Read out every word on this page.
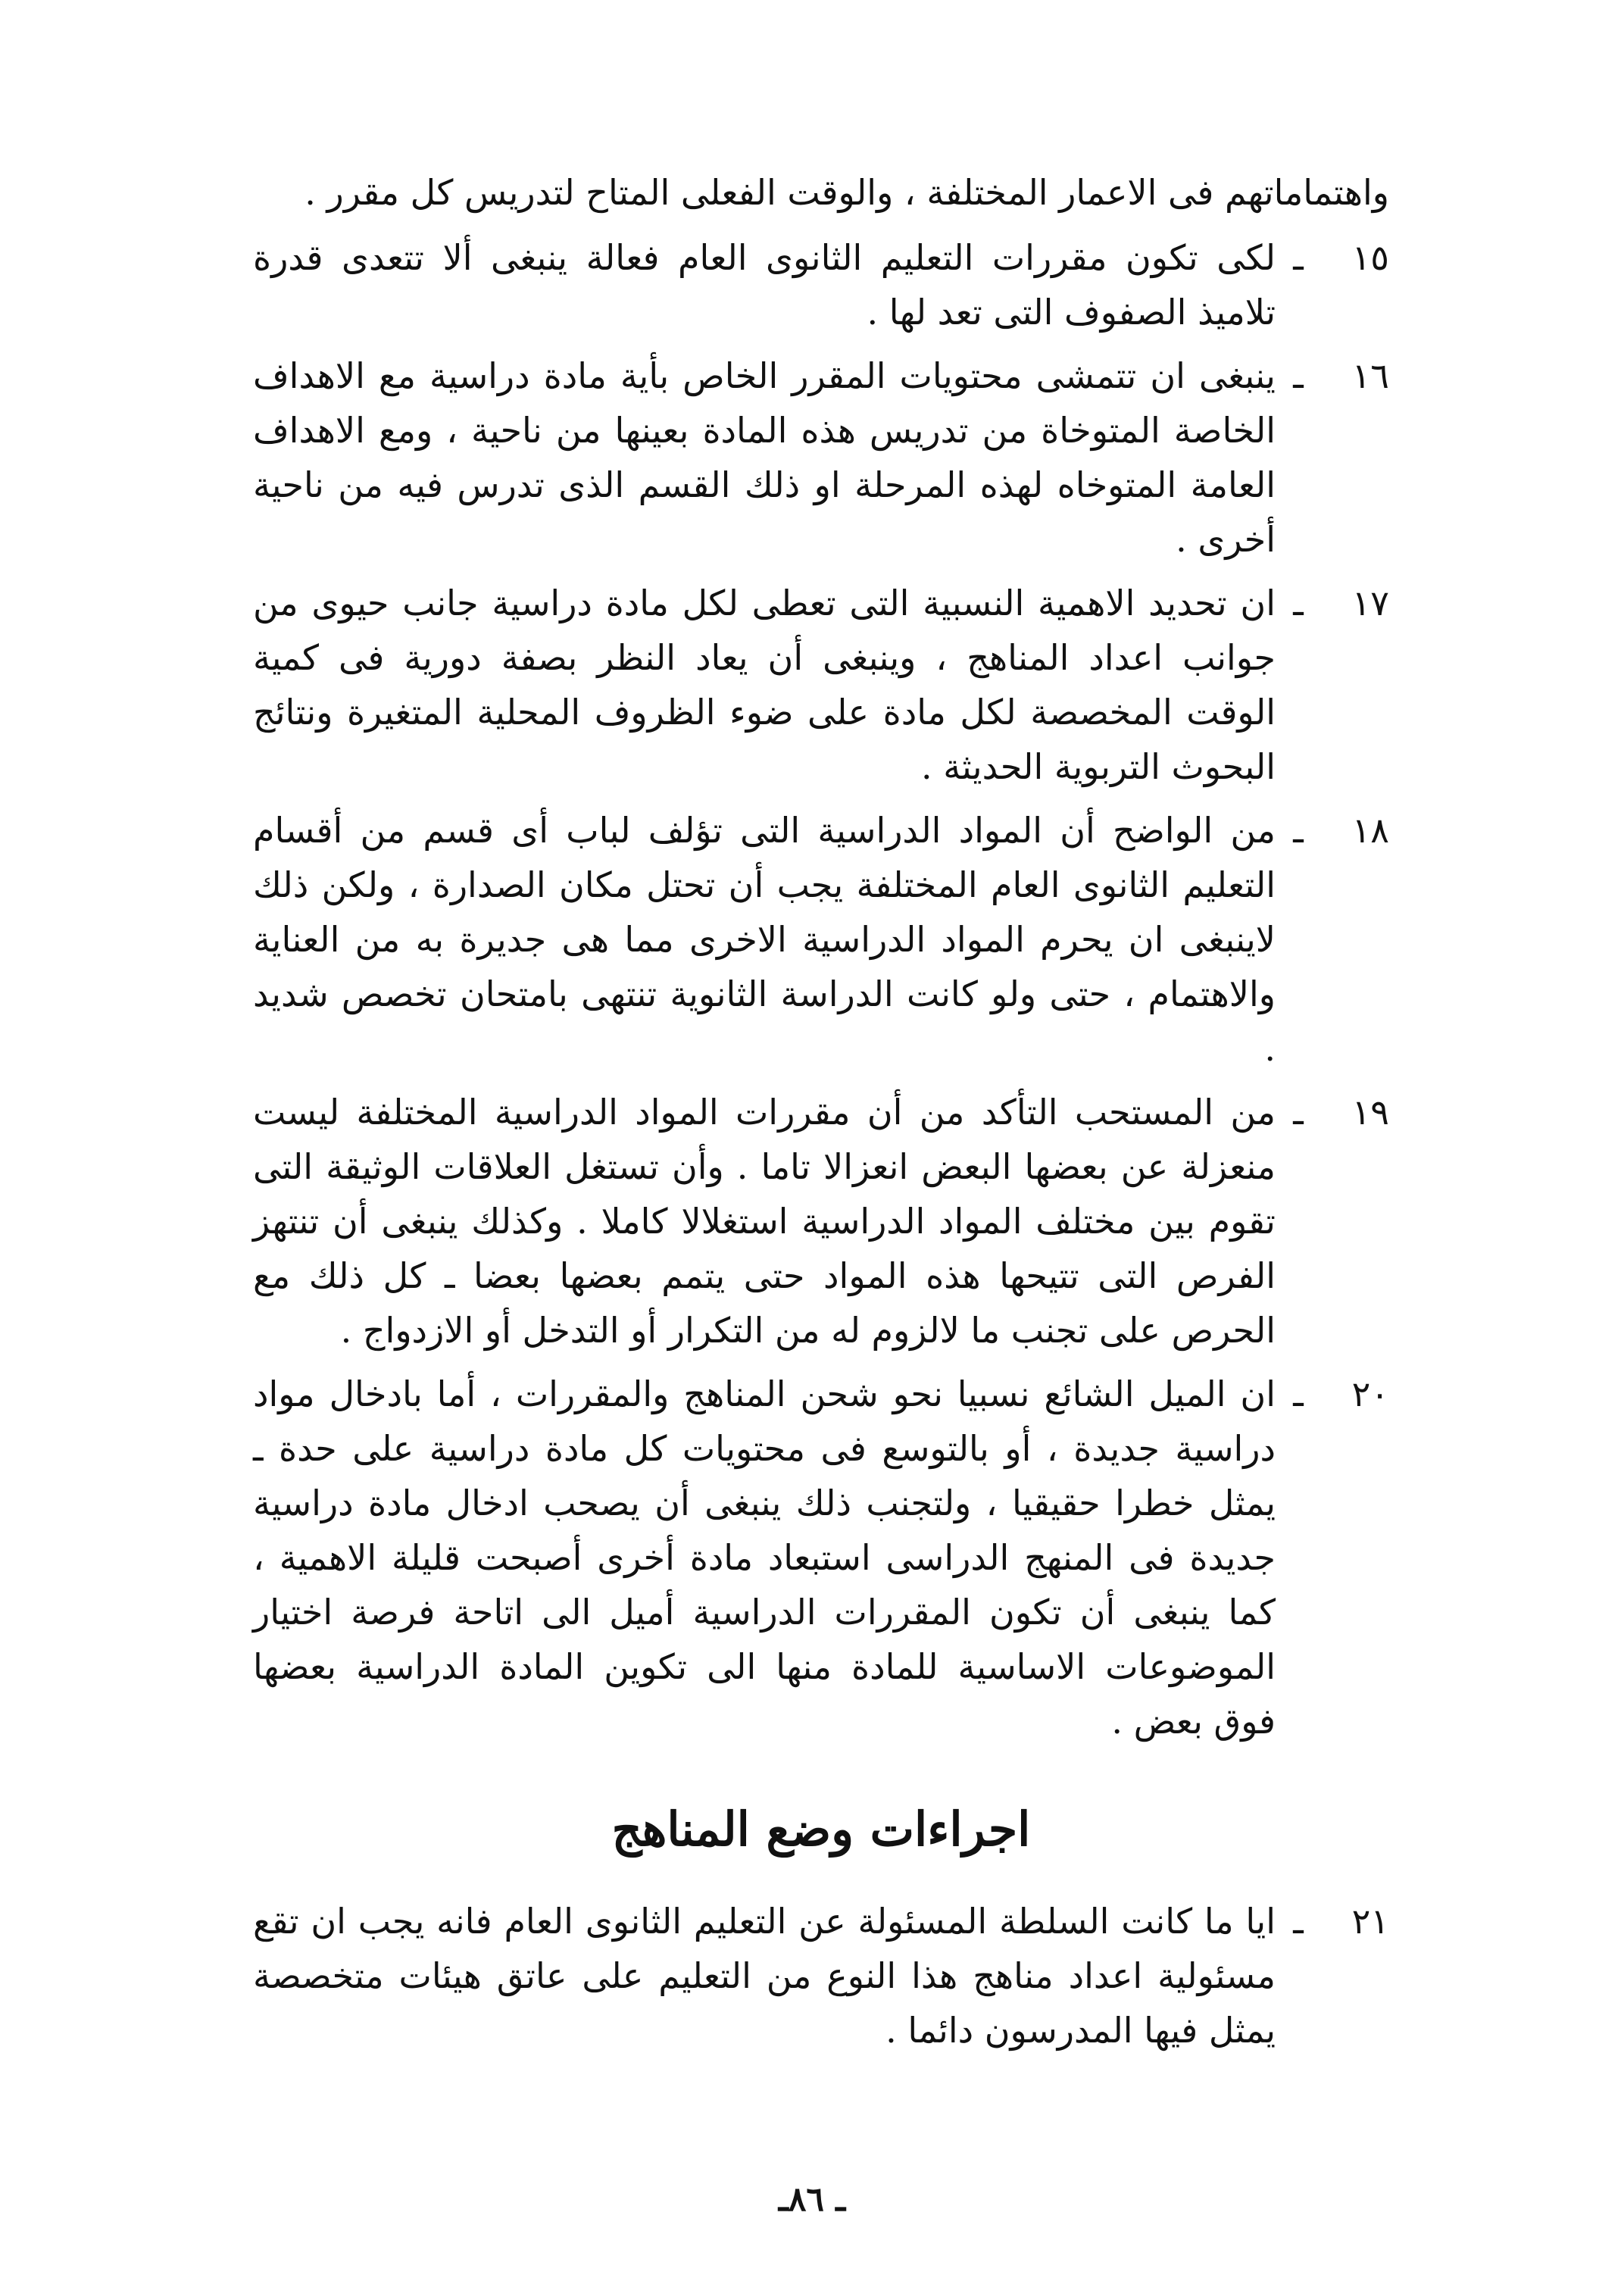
واهتماماتهم فى الاعمار المختلفة ، والوقت الفعلى المتاح لتدريس كل مقرر .

١٥
ـ
لكى تكون مقررات التعليم الثانوى العام فعالة ينبغى ألا تتعدى قدرة تلاميذ الصفوف التى تعد لها .
١٦
ـ
ينبغى ان تتمشى محتويات المقرر الخاص بأية مادة دراسية مع الاهداف الخاصة المتوخاة من تدريس هذه المادة بعينها من ناحية ، ومع الاهداف العامة المتوخاه لهذه المرحلة او ذلك القسم الذى تدرس فيه من ناحية أخرى .
١٧
ـ
ان تحديد الاهمية النسبية التى تعطى لكل مادة دراسية جانب حيوى من جوانب اعداد المناهج ، وينبغى أن يعاد النظر بصفة دورية فى كمية الوقت المخصصة لكل مادة على ضوء الظروف المحلية المتغيرة ونتائج البحوث التربوية الحديثة .
١٨
ـ
من الواضح أن المواد الدراسية التى تؤلف لباب أى قسم من أقسام التعليم الثانوى العام المختلفة يجب أن تحتل مكان الصدارة ، ولكن ذلك لاينبغى ان يحرم المواد الدراسية الاخرى مما هى جديرة به من العناية والاهتمام ، حتى ولو كانت الدراسة الثانوية تنتهى بامتحان تخصص شديد .
١٩
ـ
من المستحب التأكد من أن مقررات المواد الدراسية المختلفة ليست منعزلة عن بعضها البعض انعزالا تاما . وأن تستغل العلاقات الوثيقة التى تقوم بين مختلف المواد الدراسية استغلالا كاملا . وكذلك ينبغى أن تنتهز الفرص التى تتيحها هذه المواد حتى يتمم بعضها بعضا ـ كل ذلك مع الحرص على تجنب ما لالزوم له من التكرار أو التدخل أو الازدواج .
٢٠
ـ
ان الميل الشائع نسبيا نحو شحن المناهج والمقررات ، أما بادخال مواد دراسية جديدة ، أو بالتوسع فى محتويات كل مادة دراسية على حدة ـ يمثل خطرا حقيقيا ، ولتجنب ذلك ينبغى أن يصحب ادخال مادة دراسية جديدة فى المنهج الدراسى استبعاد مادة أخرى أصبحت قليلة الاهمية ، كما ينبغى أن تكون المقررات الدراسية أميل الى اتاحة فرصة اختيار الموضوعات الاساسية للمادة منها الى تكوين المادة الدراسية بعضها فوق بعض .
اجراءات وضع المناهج
٢١
ـ
ايا ما كانت السلطة المسئولة عن التعليم الثانوى العام فانه يجب ان تقع مسئولية اعداد مناهج هذا النوع من التعليم على عاتق هيئات متخصصة يمثل فيها المدرسون دائما .
ـ ٨٦ـ
